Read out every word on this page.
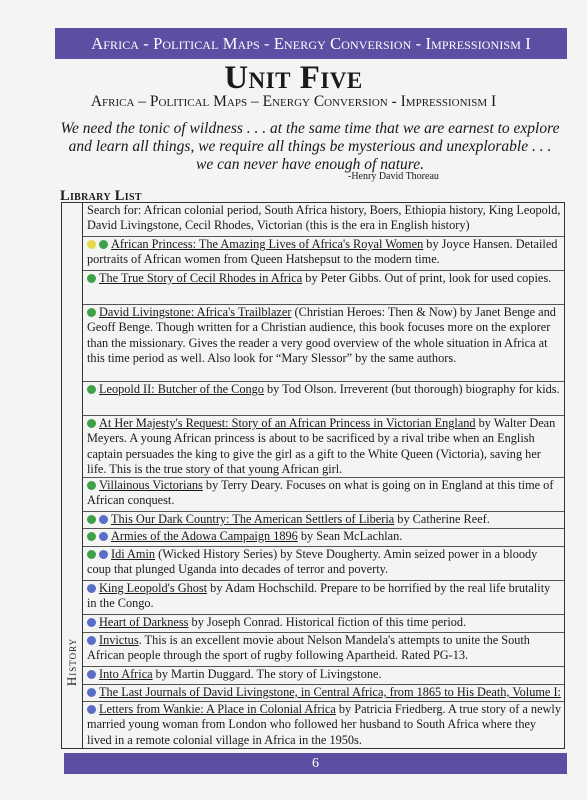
Africa - Political Maps - Energy Conversion - Impressionism I
Unit Five
Africa – Political Maps – Energy Conversion - Impressionism I
We need the tonic of wildness . . . at the same time that we are earnest to explore and learn all things, we require all things be mysterious and unexplorable . . . we can never have enough of nature.
-Henry David Thoreau
Library List
History
Search for: African colonial period, South Africa history, Boers, Ethiopia history, King Leopold, David Livingstone, Cecil Rhodes, Victorian (this is the era in English history)
African Princess: The Amazing Lives of Africa's Royal Women by Joyce Hansen. Detailed portraits of African women from Queen Hatshepsut to the modern time.
The True Story of Cecil Rhodes in Africa by Peter Gibbs. Out of print, look for used copies.
David Livingstone: Africa's Trailblazer (Christian Heroes: Then & Now) by Janet Benge and Geoff Benge. Though written for a Christian audience, this book focuses more on the explorer than the missionary. Gives the reader a very good overview of the whole situation in Africa at this time period as well. Also look for “Mary Slessor” by the same authors.
Leopold II: Butcher of the Congo by Tod Olson. Irreverent (but thorough) biography for kids.
At Her Majesty's Request: Story of an African Princess in Victorian England by Walter Dean Meyers. A young African princess is about to be sacrificed by a rival tribe when an English captain persuades the king to give the girl as a gift to the White Queen (Victoria), saving her life. This is the true story of that young African girl.
Villainous Victorians by Terry Deary. Focuses on what is going on in England at this time of African conquest.
This Our Dark Country: The American Settlers of Liberia by Catherine Reef.
Armies of the Adowa Campaign 1896 by Sean McLachlan.
Idi Amin (Wicked History Series) by Steve Dougherty. Amin seized power in a bloody coup that plunged Uganda into decades of terror and poverty.
King Leopold's Ghost by Adam Hochschild. Prepare to be horrified by the real life brutality in the Congo.
Heart of Darkness by Joseph Conrad. Historical fiction of this time period.
Invictus. This is an excellent movie about Nelson Mandela's attempts to unite the South African people through the sport of rugby following Apartheid. Rated PG-13.
Into Africa by Martin Duggard. The story of Livingstone.
The Last Journals of David Livingstone, in Central Africa, from 1865 to His Death, Volume I:
Letters from Wankie: A Place in Colonial Africa by Patricia Friedberg. A true story of a newly married young woman from London who followed her husband to South Africa where they lived in a remote colonial village in Africa in the 1950s.
6
